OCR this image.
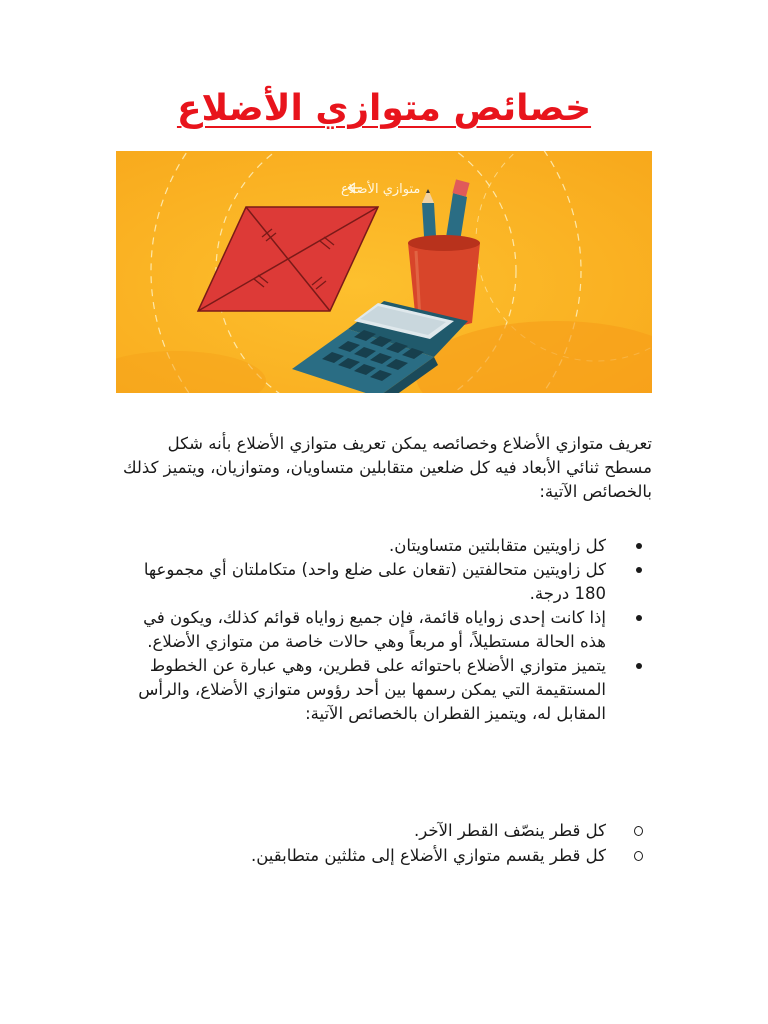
خصائص متوازي الأضلاع
متوازي الأضلاع

تعريف متوازي الأضلاع وخصائصه يمكن تعريف متوازي الأضلاع بأنه شكل مسطح ثنائي الأبعاد فيه كل ضلعين متقابلين متساويان، ومتوازيان، ويتميز كذلك بالخصائص الآتية:

كل زاويتين متقابلتين متساويتان.
كل زاويتين متحالفتين (تقعان على ضلع واحد) متكاملتان أي مجموعها 180 درجة.
إذا كانت إحدى زواياه قائمة، فإن جميع زواياه قوائم كذلك، ويكون في هذه الحالة مستطيلاً، أو مربعاً وهي حالات خاصة من متوازي الأضلاع.
يتميز متوازي الأضلاع باحتوائه على قطرين، وهي عبارة عن الخطوط المستقيمة التي يمكن رسمها بين أحد رؤوس متوازي الأضلاع، والرأس المقابل له، ويتميز القطران بالخصائص الآتية:
كل قطر ينصّف القطر الآخر.
كل قطر يقسم متوازي الأضلاع إلى مثلثين متطابقين.
